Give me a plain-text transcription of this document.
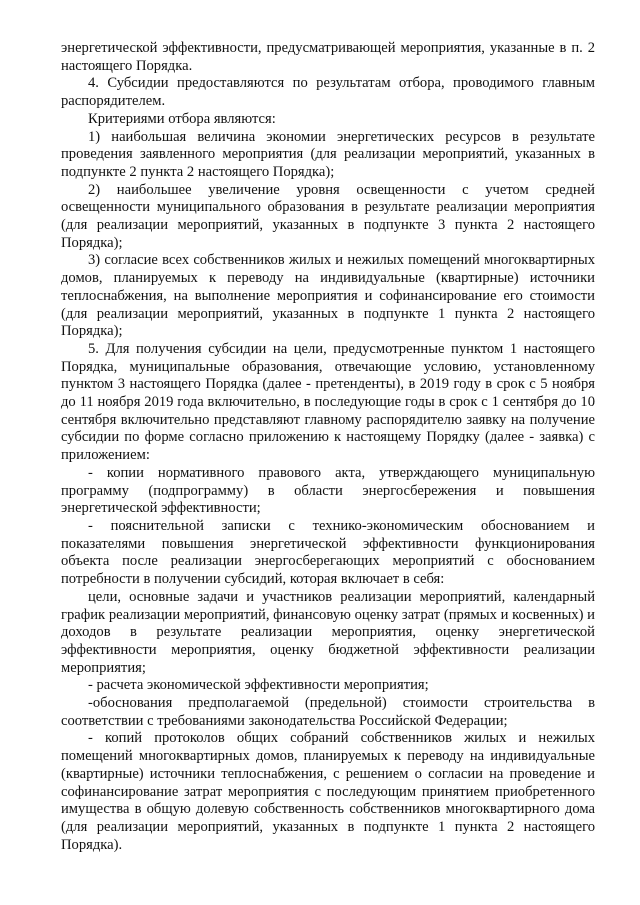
энергетической эффективности, предусматривающей мероприятия, указанные в п. 2 настоящего Порядка.

4. Субсидии предоставляются по результатам отбора, проводимого главным распорядителем.

Критериями отбора являются:

1) наибольшая величина экономии энергетических ресурсов в результате проведения заявленного мероприятия (для реализации мероприятий, указанных в подпункте 2 пункта 2 настоящего Порядка);

2) наибольшее увеличение уровня освещенности с учетом средней освещенности муниципального образования в результате реализации мероприятия (для реализации мероприятий, указанных в подпункте 3 пункта 2 настоящего Порядка);

3) согласие всех собственников жилых и нежилых помещений многоквартирных домов, планируемых к переводу на индивидуальные (квартирные) источники теплоснабжения, на выполнение мероприятия и софинансирование его стоимости (для реализации мероприятий, указанных в подпункте 1 пункта 2 настоящего Порядка);

5. Для получения субсидии на цели, предусмотренные пунктом 1 настоящего Порядка, муниципальные образования, отвечающие условию, установленному пунктом 3 настоящего Порядка (далее - претенденты), в 2019 году в срок с 5 ноября до 11 ноября 2019 года включительно, в последующие годы в срок с 1 сентября до 10 сентября включительно представляют главному распорядителю заявку на получение субсидии по форме согласно приложению к настоящему Порядку (далее - заявка) с приложением:

- копии нормативного правового акта, утверждающего муниципальную программу (подпрограмму) в области энергосбережения и повышения энергетической эффективности;

- пояснительной записки с технико-экономическим обоснованием и показателями повышения энергетической эффективности функционирования объекта после реализации энергосберегающих мероприятий с обоснованием потребности в получении субсидий, которая включает в себя:

цели, основные задачи и участников реализации мероприятий, календарный график реализации мероприятий, финансовую оценку затрат (прямых и косвенных) и доходов в результате реализации мероприятия, оценку энергетической эффективности мероприятия, оценку бюджетной эффективности реализации мероприятия;

- расчета экономической эффективности мероприятия;

-обоснования предполагаемой (предельной) стоимости строительства в соответствии с требованиями законодательства Российской Федерации;

- копий протоколов общих собраний собственников жилых и нежилых помещений многоквартирных домов, планируемых к переводу на индивидуальные (квартирные) источники теплоснабжения, с решением о согласии на проведение и софинансирование затрат мероприятия с последующим принятием приобретенного имущества в общую долевую собственность собственников многоквартирного дома (для реализации мероприятий, указанных в подпункте 1 пункта 2 настоящего Порядка).
